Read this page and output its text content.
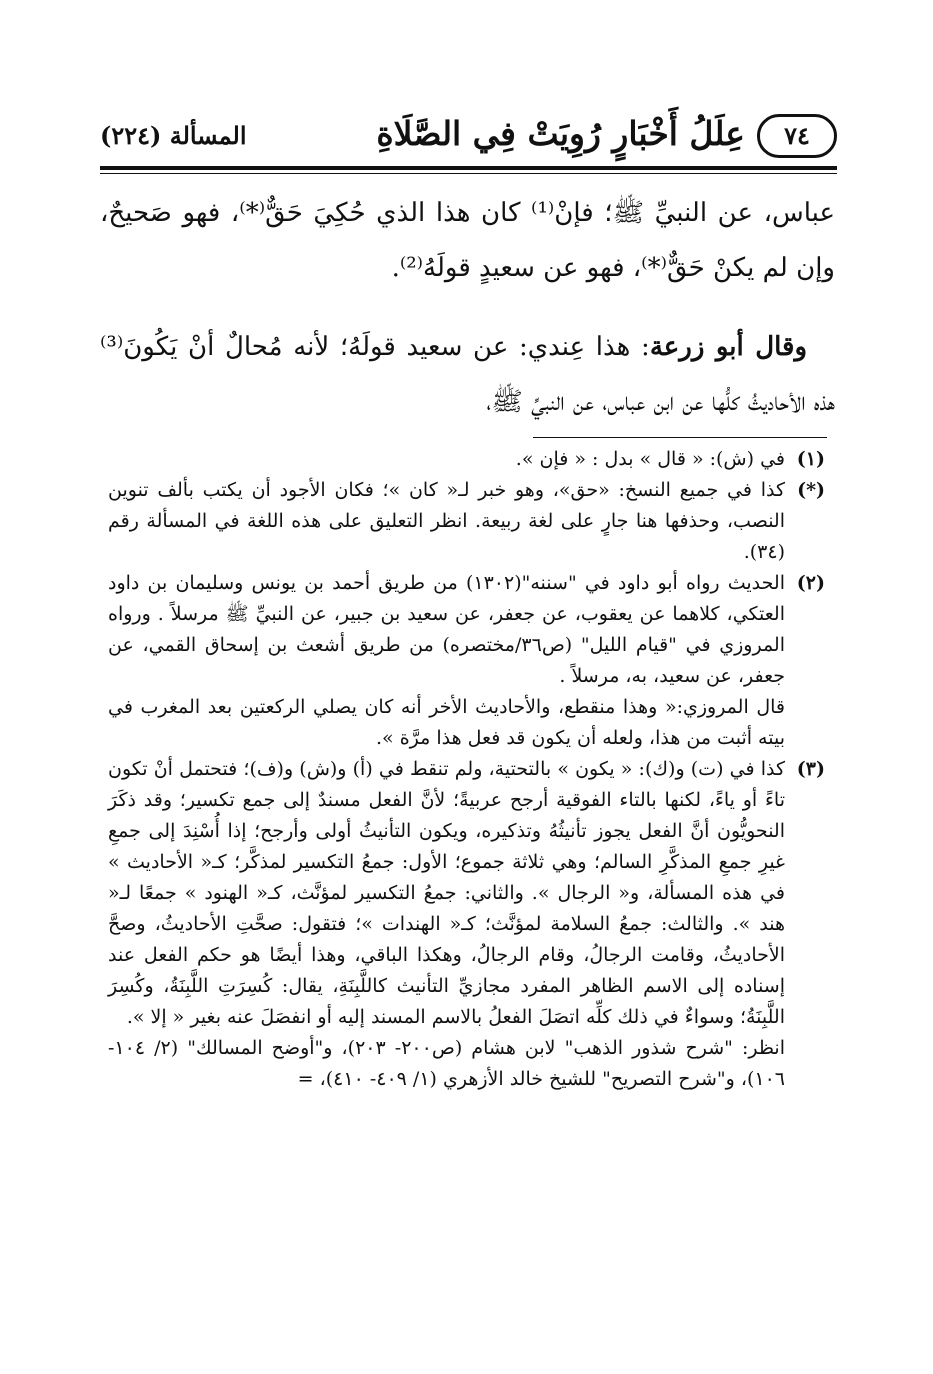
٧٤
عِلَلُ أَخْبَارٍ رُوِيَتْ فِي الصَّلَاةِ
المسألة (٢٢٤)

عباس، عن النبيِّ ﷺ؛ فإنْ⁽¹⁾ كان هذا الذي حُكِيَ حَقٌّ⁽*⁾، فهو صَحيحٌ، وإن لم يكنْ حَقٌّ⁽*⁾، فهو عن سعيدٍ قولَهُ⁽²⁾.

وقال أبو زرعة: هذا عِندي: عن سعيد قولَهُ؛ لأنه مُحالٌ أنْ يَكُونَ⁽³⁾ هذه الأحاديثُ كلُّها عن ابن عباس، عن النبيِّ ﷺ،

(١)

في (ش): « قال » بدل : « فإن ».

(*)

كذا في جميع النسخ: «حق»، وهو خبر لـ« كان »؛ فكان الأجود أن يكتب بألف تنوين النصب، وحذفها هنا جارٍ على لغة ربيعة. انظر التعليق على هذه اللغة في المسألة رقم (٣٤).

(٢)

الحديث رواه أبو داود في "سننه"(١٣٠٢) من طريق أحمد بن يونس وسليمان بن داود العتكي، كلاهما عن يعقوب، عن جعفر، عن سعيد بن جبير، عن النبيِّ ﷺ مرسلاً . ورواه المروزي في "قيام الليل" (ص٣٦/مختصره) من طريق أشعث بن إسحاق القمي، عن جعفر، عن سعيد، به، مرسلاً .

قال المروزي:« وهذا منقطع، والأحاديث الأخر أنه كان يصلي الركعتين بعد المغرب في بيته أثبت من هذا، ولعله أن يكون قد فعل هذا مرَّة ».

(٣)

كذا في (ت) و(ك): « يكون » بالتحتية، ولم تنقط في (أ) و(ش) و(ف)؛ فتحتمل أنْ تكون تاءً أو ياءً، لكنها بالتاء الفوقية أرجح عربيةً؛ لأنَّ الفعل مسندٌ إلى جمع تكسير؛ وقد ذكَرَ النحويُّون أنَّ الفعل يجوز تأنيثُهُ وتذكيره، ويكون التأنيثُ أولى وأرجح؛ إذا أُسْنِدَ إلى جمعِ غيرِ جمعِ المذكَّرِ السالم؛ وهي ثلاثة جموع؛ الأول: جمعُ التكسير لمذكَّر؛ كـ« الأحاديث » في هذه المسألة، و« الرجال ». والثاني: جمعُ التكسير لمؤنَّث، كـ« الهنود » جمعًا لـ« هند ». والثالث: جمعُ السلامة لمؤنَّث؛ كـ« الهندات »؛ فتقول: صحَّتِ الأحاديثُ، وصحَّ الأحاديثُ، وقامت الرجالُ، وقام الرجالُ، وهكذا الباقي، وهذا أيضًا هو حكم الفعل عند إسناده إلى الاسم الظاهر المفرد مجازيِّ التأنيث كاللَّبِنَةِ، يقال: كُسِرَتِ اللَّبِنَةُ، وكُسِرَ اللَّبِنَةُ؛ وسواءٌ في ذلك كلِّه اتصَلَ الفعلُ بالاسم المسند إليه أو انفصَلَ عنه بغير « إلا ».

انظر: "شرح شذور الذهب" لابن هشام (ص٢٠٠- ٢٠٣)، و"أوضح المسالك" (٢/ ١٠٤- ١٠٦)، و"شرح التصريح" للشيخ خالد الأزهري (١/ ٤٠٩- ٤١٠)، =
